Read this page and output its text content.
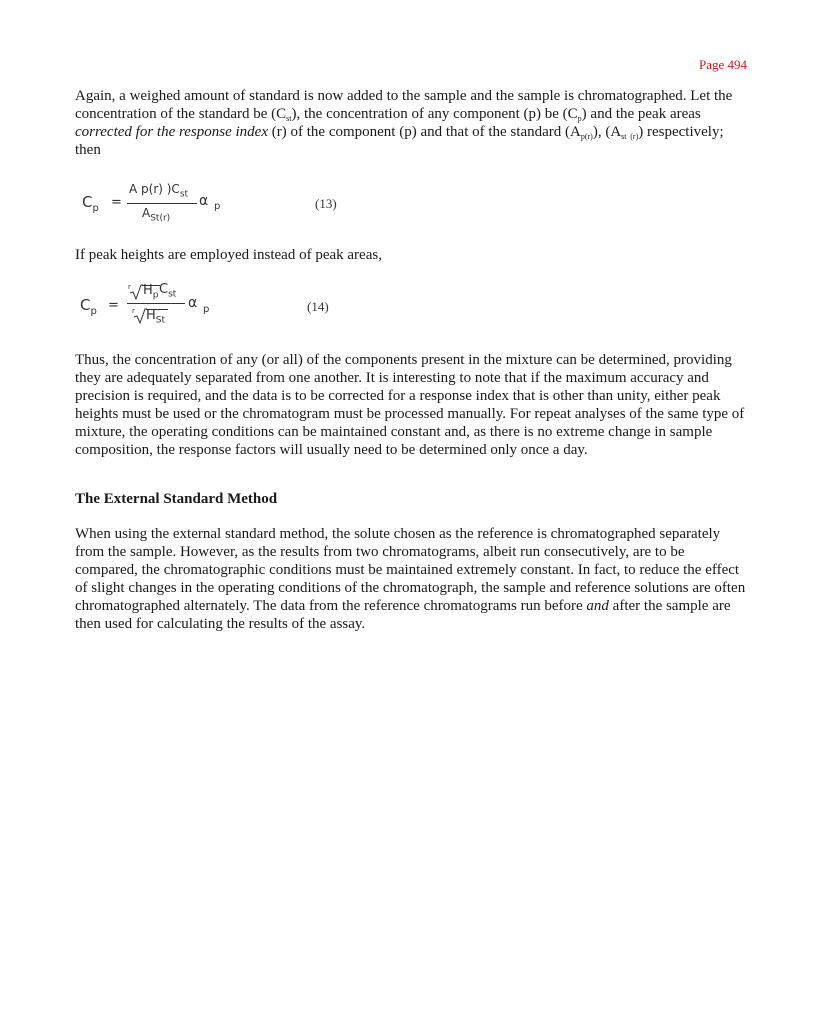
Page 494
Again, a weighed amount of standard is now added to the sample and the sample is chromatographed. Let the concentration of the standard be $(C_{st})$, the concentration of any component (p) be $(C_p)$ and the peak areas corrected for the response index (r) of the component (p) and that of the standard $(A_{p(r)})$, ($A_{st}$ $_{(r)}$) respectively; then
$C_p$ =
A p(r) )$C_{st}$
$A_{St(r)}$
α p	(13)
If peak heights are employed instead of peak areas,
$C_p$ =
r $H_p$ $C_{st}$
r $H_{St}$
α p	(14)
Thus, the concentration of any (or all) of the components present in the mixture can be determined, providing they are adequately separated from one another. It is interesting to note that if the maximum accuracy and precision is required, and the data is to be corrected for a response index that is other than unity, either peak heights must be used or the chromatogram must be processed manually. For repeat analyses of the same type of mixture, the operating conditions can be maintained constant and, as there is no extreme change in sample composition, the response factors will usually need to be determined only once a day.
The External Standard Method
When using the external standard method, the solute chosen as the reference is chromatographed separately from the sample. However, as the results from two chromatograms, albeit run consecutively, are to be compared, the chromatographic conditions must be maintained extremely constant. In fact, to reduce the effect of slight changes in the operating conditions of the chromatograph, the sample and reference solutions are often chromatographed alternately. The data from the reference chromatograms run before and after the sample are then used for calculating the results of the assay.
